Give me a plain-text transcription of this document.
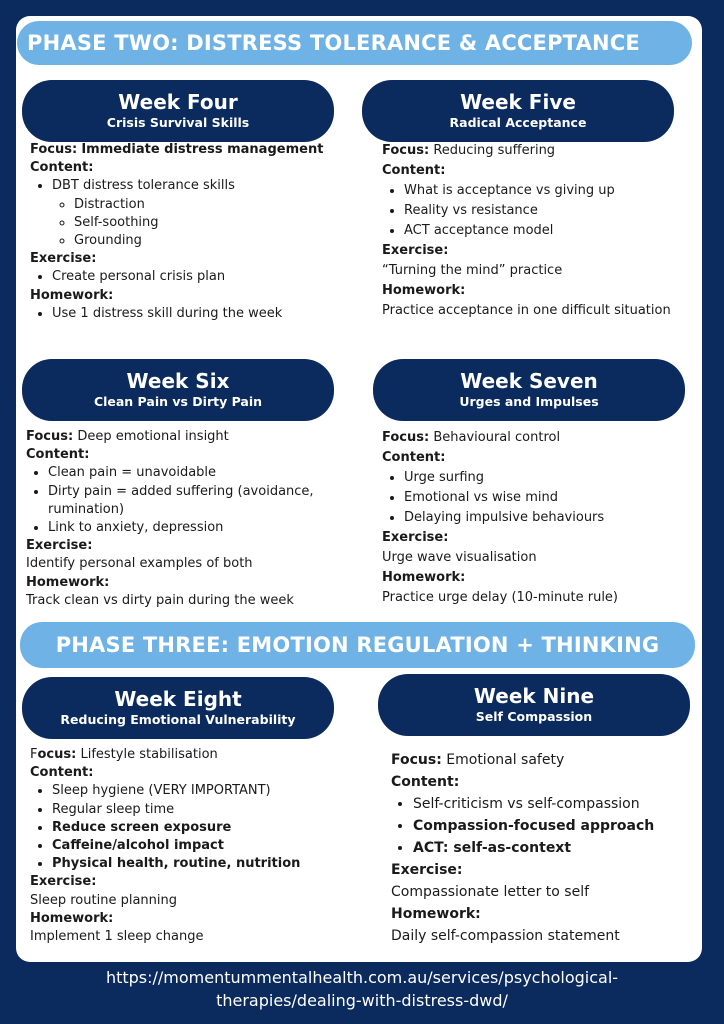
PHASE TWO: DISTRESS TOLERANCE & ACCEPTANCE
Week Four
Crisis Survival Skills

Focus: Immediate distress management

Content:

• DBT distress tolerance skills
◦ Distraction
◦ Self-soothing
◦ Grounding

Exercise:

• Create personal crisis plan

Homework:

• Use 1 distress skill during the week
Week Five
Radical Acceptance

Focus: Reducing suffering

Content:

• What is acceptance vs giving up
• Reality vs resistance
• ACT acceptance model

Exercise:

“Turning the mind” practice

Homework:

Practice acceptance in one difficult situation

Week Six
Clean Pain vs Dirty Pain

Focus: Deep emotional insight

Content:

• Clean pain = unavoidable
• Dirty pain = added suffering (avoidance, rumination)
• Link to anxiety, depression

Exercise:

Identify personal examples of both

Homework:

Track clean vs dirty pain during the week

Week Seven
Urges and Impulses

Focus: Behavioural control

Content:

• Urge surfing
• Emotional vs wise mind
• Delaying impulsive behaviours

Exercise:

Urge wave visualisation

Homework:

Practice urge delay (10-minute rule)

PHASE THREE: EMOTION REGULATION + THINKING
Week Eight
Reducing Emotional Vulnerability

Focus: Lifestyle stabilisation

Content:

• Sleep hygiene (VERY IMPORTANT)
• Regular sleep time
• Reduce screen exposure
• Caffeine/alcohol impact
• Physical health, routine, nutrition

Exercise:

Sleep routine planning

Homework:

Implement 1 sleep change

Week Nine
Self Compassion

Focus: Emotional safety

Content:

• Self-criticism vs self-compassion
• Compassion-focused approach
• ACT: self-as-context

Exercise:

Compassionate letter to self

Homework:

Daily self-compassion statement

https://momentummentalhealth.com.au/services/psychological-
therapies/dealing-with-distress-dwd/
